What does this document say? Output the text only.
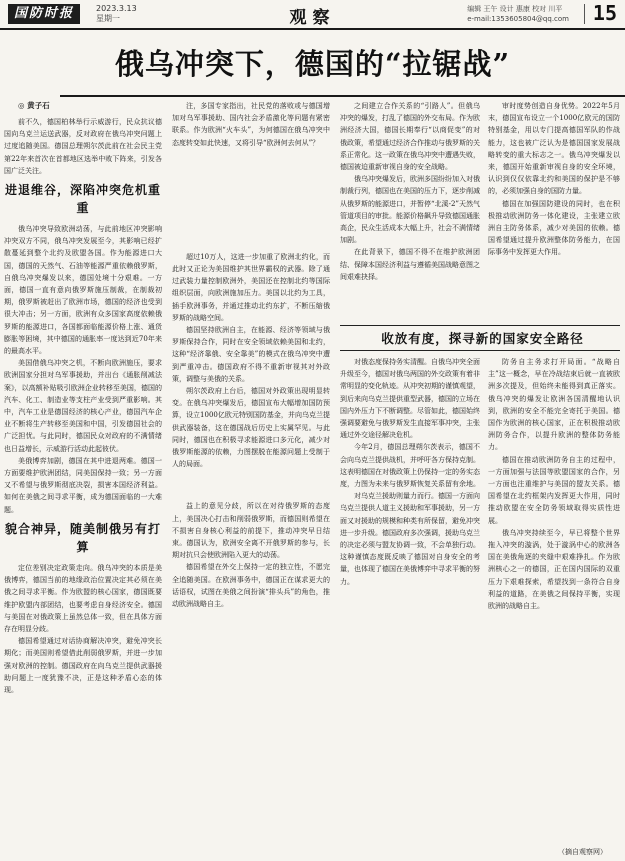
国防时报	2023.3.13
星期一	观察	编辑 王午 设计 惠康 校对 川平
e-mail:1353605804@qq.com 15
俄乌冲突下，德国的“拉锯战”
◎ 黄子石

前不久，德国柏林举行示威游行，民众抗议德国向乌克兰运送武器，反对政府在俄乌冲突问题上过度追随美国。德国总理朔尔茨此前在社会民主党第22年来首次在首都地区选举中败下阵来，引发各国广泛关注。

进退维谷，深陷冲突危机重重

俄乌冲突导致欧洲动荡，与此前地区冲突影响冲突双方不同，俄乌冲突发展至今，其影响已经扩散蔓延到整个北约及欧盟各国。作为能源进口大国，德国的天然气、石油等能源严重依赖俄罗斯，自俄乌冲突爆发以来，德国处境十分艰难。一方面，德国一直有意向俄罗斯施压制裁，在制裁初期，俄罗斯被赶出了欧洲市场，德国的经济也受到很大冲击；另一方面，欧洲有众多国家高度依赖俄罗斯的能源进口，各国都面临能源价格上涨、通货膨胀等困境，其中德国的通胀率一度达到近70年来的最高水平。

美国借俄乌冲突之机，不断向欧洲施压，要求欧洲国家分担对乌军事援助，并出台《通胀削减法案》，以高额补贴吸引欧洲企业转移至美国，德国的汽车、化工、制造业等支柱产业受到严重影响。其中，汽车工业是德国经济的核心产业，德国汽车企业不断将生产转移至美国和中国，引发德国社会的广泛担忧。与此同时，德国民众对政府的不满情绪也日益增长，示威游行活动此起彼伏。

美俄博弈加剧，德国在其中进退两难。德国一方面要维护欧洲团结，同美国保持一致；另一方面又不希望与俄罗斯彻底决裂，损害本国经济利益。如何在美俄之间寻求平衡，成为德国面临的一大难题。

貌合神异，随美制俄另有打算

定位差别决定政策走向。俄乌冲突的本质是美俄博弈，德国当前的地缘政治位置决定其必须在美俄之间寻求平衡。作为欧盟的核心国家，德国既要维护欧盟内部团结，也要考虑自身经济安全。德国与美国在对俄政策上虽然总体一致，但在具体方面存在明显分歧。

德国希望通过对话协商解决冲突，避免冲突长期化；而美国则希望借此削弱俄罗斯，并进一步加强对欧洲的控制。德国政府在向乌克兰提供武器援助问题上一度犹豫不决，正是这种矛盾心态的体现。

注，多国专家指出，社民党的落败或与德国增加对乌军事援助、国内社会矛盾激化等问题有紧密联系。作为欧洲“火车头”，为何德国在俄乌冲突中态度转变如此快速，又将引导“欧洲何去何从”？

超过10万人，这进一步加重了欧洲北约化，而此时又正论为美国维护其世界霸权的武器。除了通过武装力量控制欧洲外，美国还在控制北约等国际组织层面，向欧洲施加压力。美国以北约为工具，插手欧洲事务，并通过推动北约东扩，不断压缩俄罗斯的战略空间。

德国坚持欧洲自主，在能源、经济等领域与俄罗斯保持合作，同时在安全领域依赖美国和北约，这种“经济靠俄、安全靠美”的模式在俄乌冲突中遭到严重冲击。德国政府不得不重新审视其对外政策，调整与美俄的关系。

朔尔茨政府上台后，德国对外政策出现明显转变。在俄乌冲突爆发后，德国宣布大幅增加国防预算，设立1000亿欧元特别国防基金，并向乌克兰提供武器装备，这在德国战后历史上实属罕见。与此同时，德国也在积极寻求能源进口多元化，减少对俄罗斯能源的依赖，力图摆脱在能源问题上受制于人的局面。

益上的意见分歧，所以在对待俄罗斯的态度上，美国决心打击和削弱俄罗斯，而德国则希望在不损害自身核心利益的前提下，推动冲突早日结束。德国认为，欧洲安全离不开俄罗斯的参与，长期对抗只会使欧洲陷入更大的动荡。

德国希望在外交上保持一定的独立性，不愿完全追随美国。在欧洲事务中，德国正在谋求更大的话语权，试图在美俄之间扮演“排头兵”的角色，推动欧洲战略自主。

之间建立合作关系的“引路人”。但俄乌冲突的爆发，打乱了德国的外交布局。作为欧洲经济大国，德国长期奉行“以商促变”的对俄政策，希望通过经济合作推动与俄罗斯的关系正常化。这一政策在俄乌冲突中遭遇失败，德国被迫重新审视自身的安全战略。

俄乌冲突爆发后，欧洲多国纷纷加入对俄制裁行列，德国也在美国的压力下，逐步削减从俄罗斯的能源进口，并暂停“北溪-2”天然气管道项目的审批。能源价格飙升导致德国通胀高企，民众生活成本大幅上升，社会不满情绪加剧。

在此背景下，德国不得不在维护欧洲团结、保障本国经济利益与遵循美国战略意图之间艰难抉择。

审时度势创造自身优势。2022年5月末，德国宣布设立一个1000亿欧元的国防特别基金，用以专门提高德国军队的作战能力，这也被广泛认为是德国国家发展战略转变的重大标志之一。俄乌冲突爆发以来，德国开始重新审视自身的安全环境，认识到仅仅依靠北约和美国的保护是不够的，必须加强自身的国防力量。

德国在加强国防建设的同时，也在积极推动欧洲防务一体化建设，主张建立欧洲自主防务体系，减少对美国的依赖。德国希望通过提升欧洲整体防务能力，在国际事务中发挥更大作用。

收放有度，探寻新的国家安全路径

对俄态度保持务实清醒。自俄乌冲突全面升级至今，德国对俄乌两国的外交政策有着非常明显的变化轨迹。从冲突初期的谨慎观望，到后来向乌克兰提供重型武器，德国的立场在国内外压力下不断调整。尽管如此，德国始终强调要避免与俄罗斯发生直接军事冲突，主张通过外交途径解决危机。

今年2月，德国总理朔尔茨表示，德国不会向乌克兰提供战机，并呼吁各方保持克制。这表明德国在对俄政策上仍保持一定的务实态度，力图为未来与俄罗斯恢复关系留有余地。

对乌克兰援助则量力而行。德国一方面向乌克兰提供人道主义援助和军事援助，另一方面又对援助的规模和种类有所保留，避免冲突进一步升级。德国政府多次强调，援助乌克兰的决定必须与盟友协调一致，不会单独行动。这种谨慎态度既反映了德国对自身安全的考量，也体现了德国在美俄博弈中寻求平衡的努力。

防务自主务求打开局面。“战略自主”这一概念，早在冷战结束后就一直被欧洲多次提及，但始终未能得到真正落实。俄乌冲突的爆发让欧洲各国清醒地认识到，欧洲的安全不能完全寄托于美国。德国作为欧洲的核心国家，正在积极推动欧洲防务合作，以提升欧洲的整体防务能力。

德国在推动欧洲防务自主的过程中，一方面加强与法国等欧盟国家的合作，另一方面也注重维护与美国的盟友关系。德国希望在北约框架内发挥更大作用，同时推动欧盟在安全防务领域取得实质性进展。

俄乌冲突持续至今，早已将整个世界拖入冲突的漩涡，处于漩涡中心的欧洲各国在美俄角逐的夹缝中艰难挣扎。作为欧洲核心之一的德国，正在国内国际的双重压力下艰难探索，希望找到一条符合自身利益的道路，在美俄之间保持平衡，实现欧洲的战略自主。

（摘自观察网）
